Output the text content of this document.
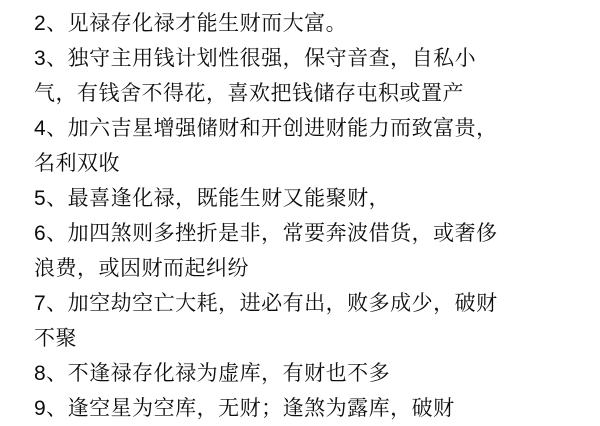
2、见禄存化禄才能生财而大富。
3、独守主用钱计划性很强，保守音查，自私小
气，有钱舍不得花，喜欢把钱储存屯积或置产
4、加六吉星增强储财和开创进财能力而致富贵，
名利双收
5、最喜逢化禄，既能生财又能聚财，
6、加四煞则多挫折是非，常要奔波借货，或奢侈
浪费，或因财而起纠纷
7、加空劫空亡大耗，进必有出，败多成少，破财
不聚
8、不逢禄存化禄为虚库，有财也不多
9、逢空星为空库，无财；逢煞为露库，破财
